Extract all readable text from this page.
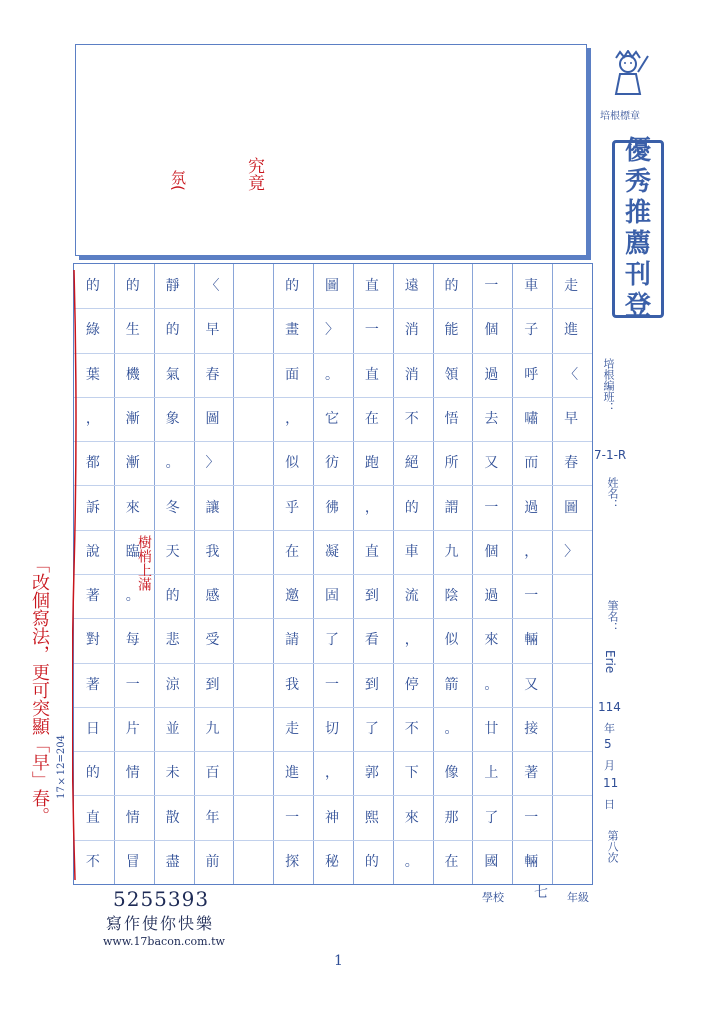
培根標章
優
秀
推
薦
刊
登
究竟
氛(
培根編班：
7-1-R
姓名：
筆名：
Erie
114
年
5
月
11
日
第八次
走
進
〈
早
春
圖
〉
車
子
呼
嘯
而
過
，
一
輛
又
接
著
一
輛
一
個
過
去
又
一
個
過
來
。
廿
上
了
國
的
能
領
悟
所
謂
九
陰
似
箭
。
像
那
在
遠
消
消
不
絕
的
車
流
，
停
不
下
來
。
直
一
直
在
跑
，
直
到
看
到
了
郭
熙
的
圖
〉
。
它
彷
彿
凝
固
了
一
切
，
神
秘
的
畫
面
，
似
乎
在
邀
請
我
走
進
一
探
〈
早
春
圖
〉
讓
我
感
受
到
九
百
年
前
靜
的
氣
象
。
冬
天
的
悲
涼
並
未
散
盡
的
生
機
漸
漸
來
臨
。
每
一
片
情
情
冒
的
綠
葉
，
都
訴
說
著
對
著
日
的
直
不
「改個寫法，更可突顯「早」春。	樹梢上滿
17×12=204
5255393
寫作使你快樂
www.17bacon.com.tw
學校 七 年級
1
